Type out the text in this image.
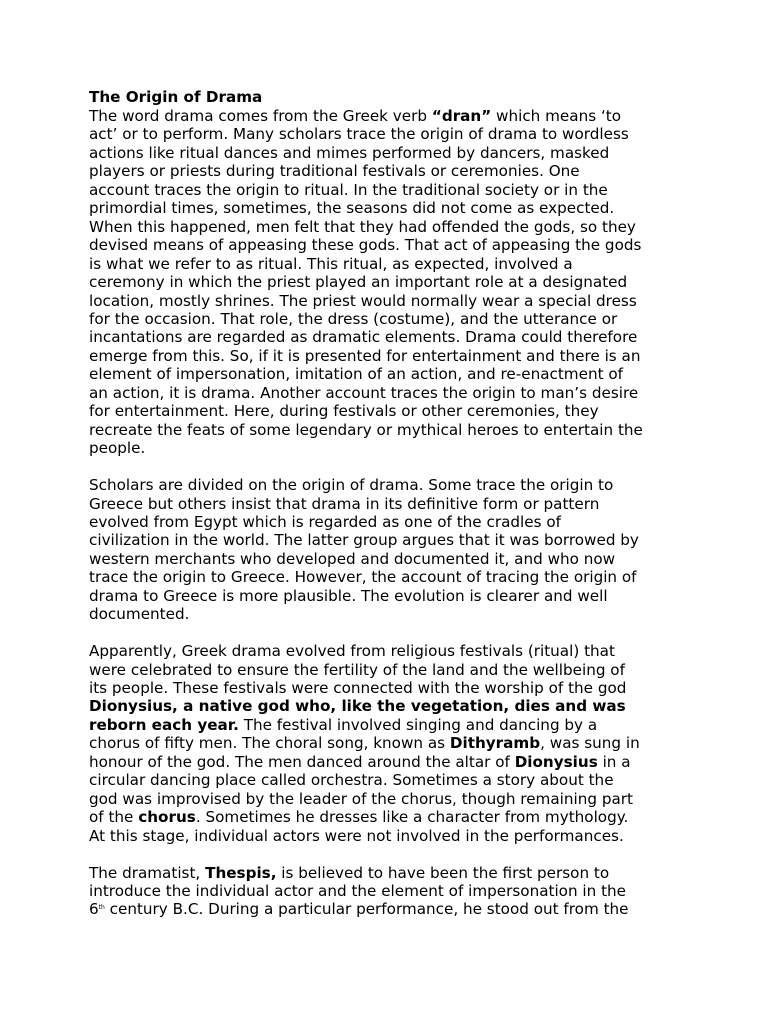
The Origin of Drama
The word drama comes from the Greek verb “dran” which means ‘to
act’ or to perform. Many scholars trace the origin of drama to wordless
actions like ritual dances and mimes performed by dancers, masked
players or priests during traditional festivals or ceremonies. One
account traces the origin to ritual. In the traditional society or in the
primordial times, sometimes, the seasons did not come as expected.
When this happened, men felt that they had offended the gods, so they
devised means of appeasing these gods. That act of appeasing the gods
is what we refer to as ritual. This ritual, as expected, involved a
ceremony in which the priest played an important role at a designated
location, mostly shrines. The priest would normally wear a special dress
for the occasion. That role, the dress (costume), and the utterance or
incantations are regarded as dramatic elements. Drama could therefore
emerge from this. So, if it is presented for entertainment and there is an
element of impersonation, imitation of an action, and re-enactment of
an action, it is drama. Another account traces the origin to man’s desire
for entertainment. Here, during festivals or other ceremonies, they
recreate the feats of some legendary or mythical heroes to entertain the
people.
Scholars are divided on the origin of drama. Some trace the origin to
Greece but others insist that drama in its definitive form or pattern
evolved from Egypt which is regarded as one of the cradles of
civilization in the world. The latter group argues that it was borrowed by
western merchants who developed and documented it, and who now
trace the origin to Greece. However, the account of tracing the origin of
drama to Greece is more plausible. The evolution is clearer and well
documented.
Apparently, Greek drama evolved from religious festivals (ritual) that
were celebrated to ensure the fertility of the land and the wellbeing of
its people. These festivals were connected with the worship of the god
Dionysius, a native god who, like the vegetation, dies and was
reborn each year. The festival involved singing and dancing by a
chorus of fifty men. The choral song, known as Dithyramb, was sung in
honour of the god. The men danced around the altar of Dionysius in a
circular dancing place called orchestra. Sometimes a story about the
god was improvised by the leader of the chorus, though remaining part
of the chorus. Sometimes he dresses like a character from mythology.
At this stage, individual actors were not involved in the performances.
The dramatist, Thespis, is believed to have been the first person to
introduce the individual actor and the element of impersonation in the
6th century B.C. During a particular performance, he stood out from the
